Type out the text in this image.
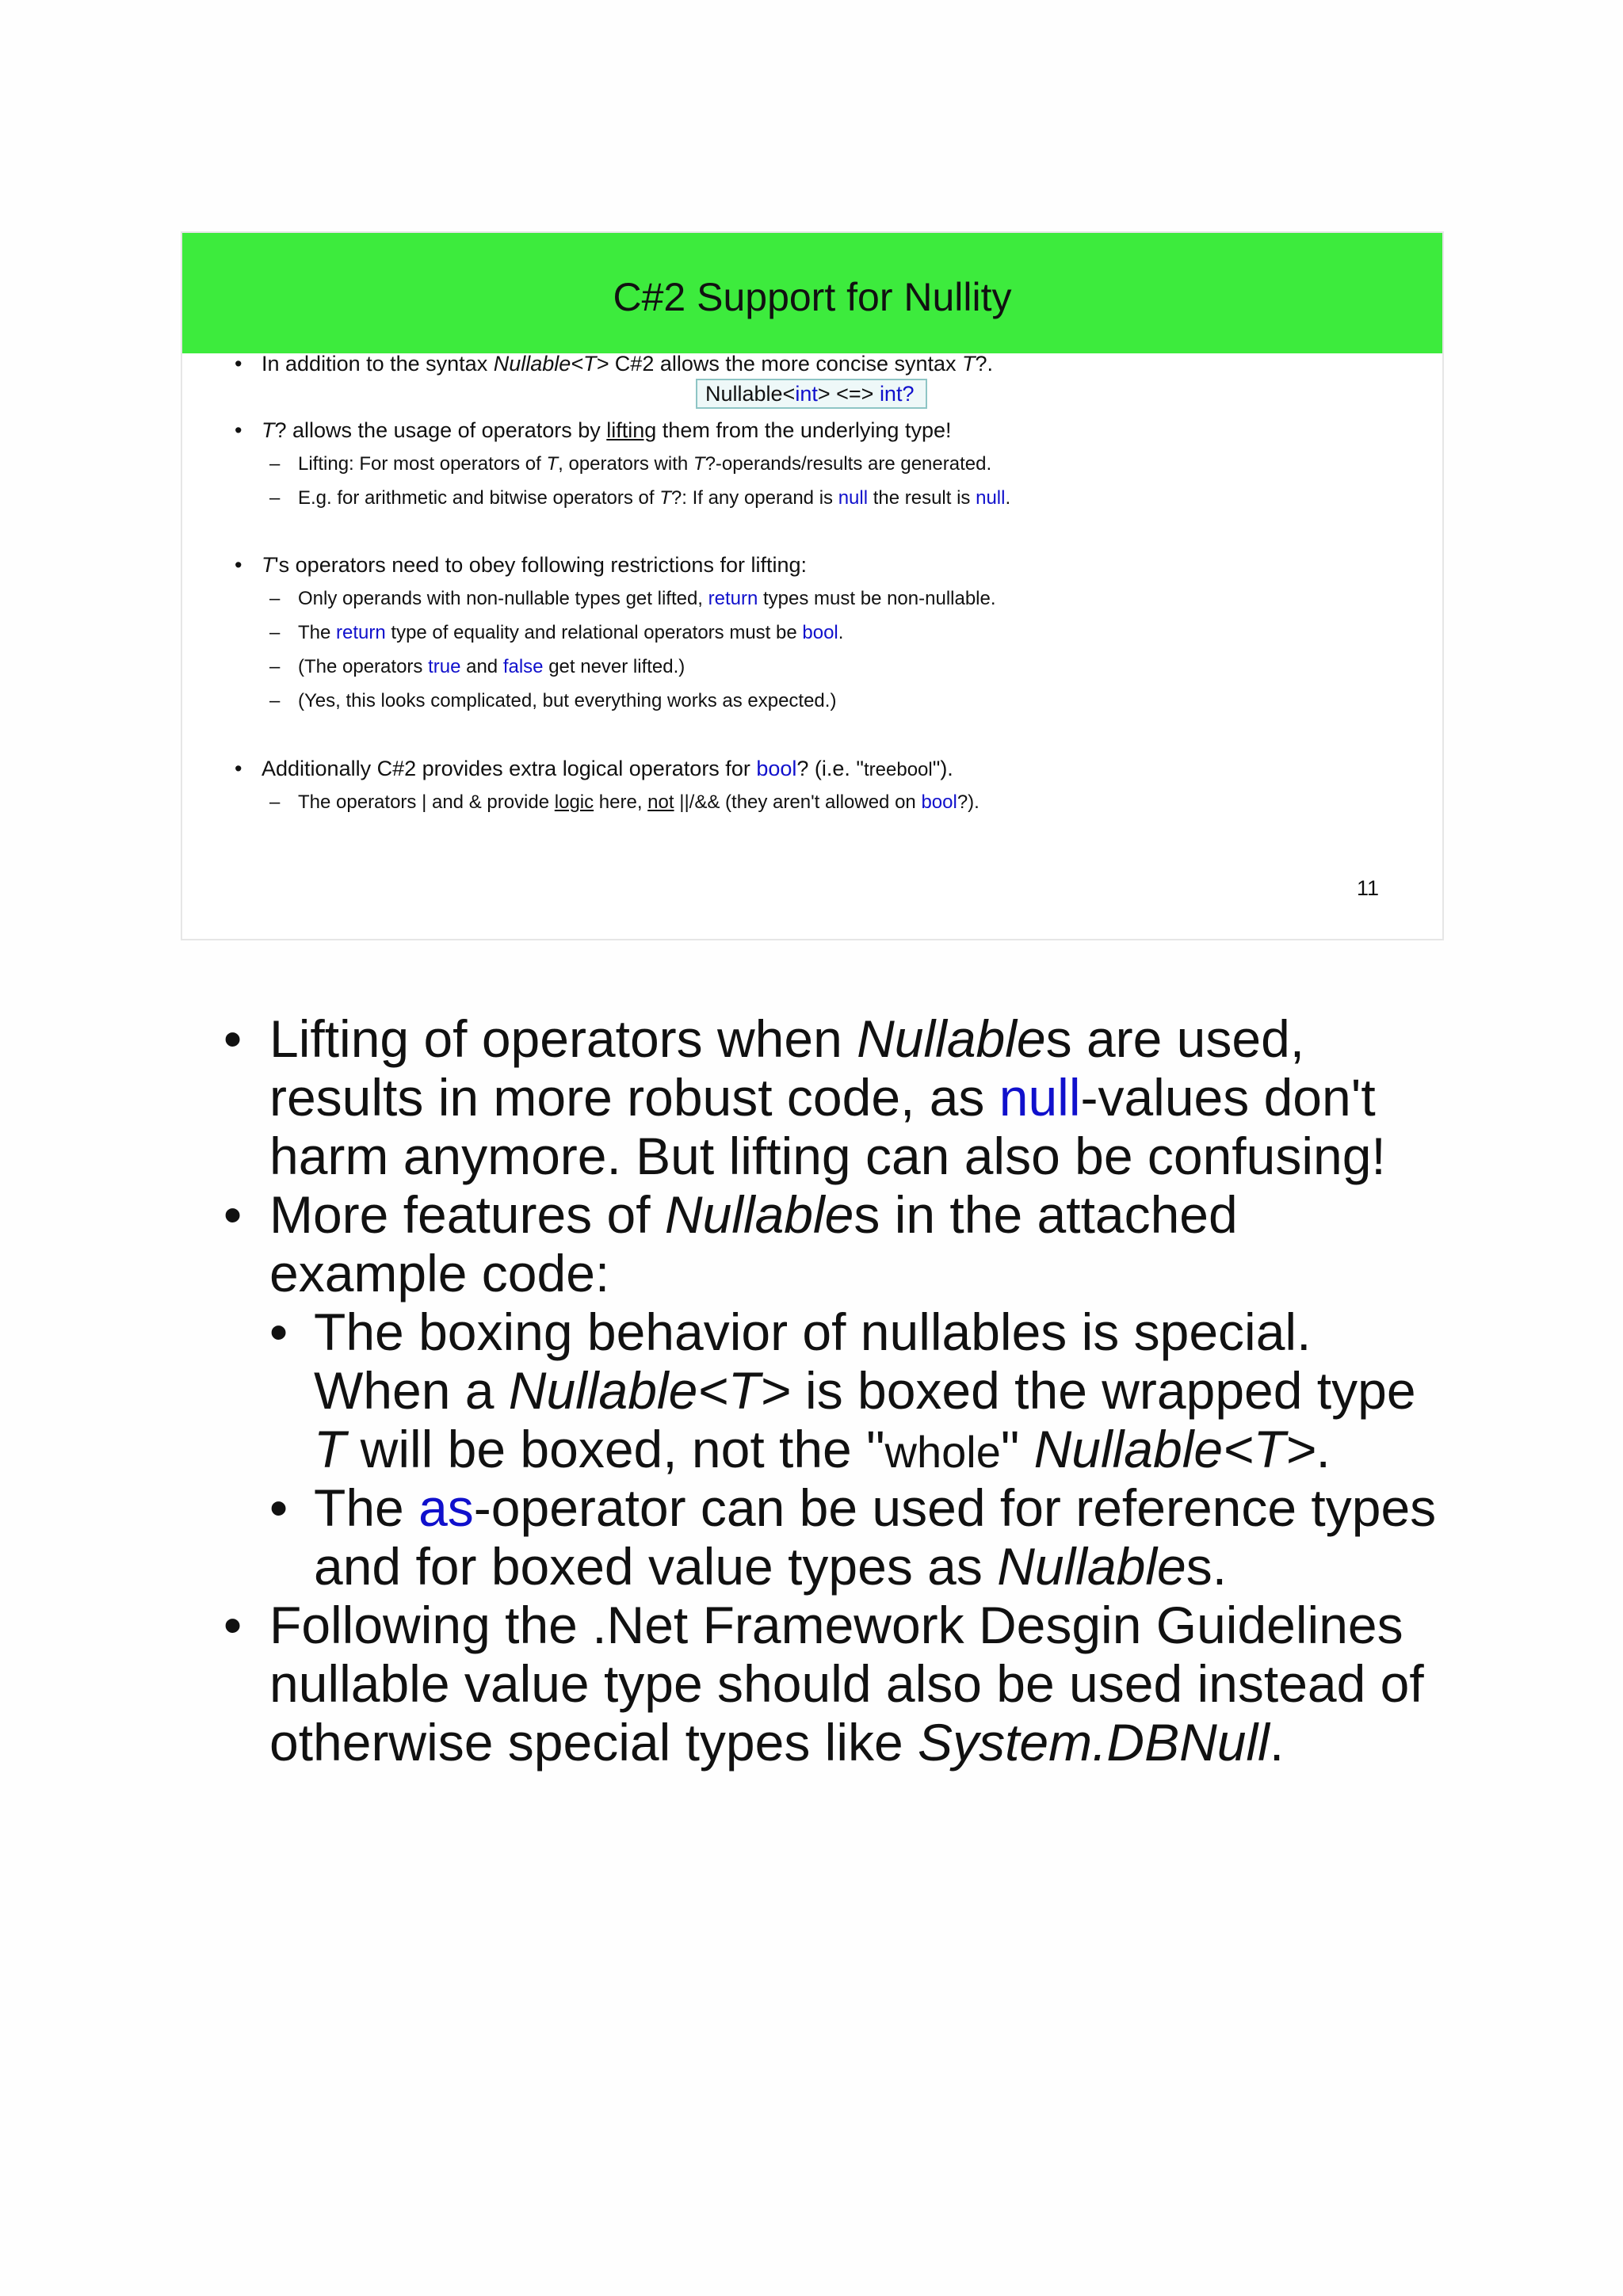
C#2 Support for Nullity
• In addition to the syntax Nullable<T> C#2 allows the more concise syntax T?.
Nullable<int> <=> int?
• T? allows the usage of operators by lifting them from the underlying type!
– Lifting: For most operators of T, operators with T?-operands/results are generated.
– E.g. for arithmetic and bitwise operators of T?: If any operand is null the result is null.
• T's operators need to obey following restrictions for lifting:
– Only operands with non-nullable types get lifted, return types must be non-nullable.
– The return type of equality and relational operators must be bool.
– (The operators true and false get never lifted.)
– (Yes, this looks complicated, but everything works as expected.)
• Additionally C#2 provides extra logical operators for bool? (i.e. "treebool").
– The operators | and & provide logic here, not ||/&& (they aren't allowed on bool?).
11
• Lifting of operators when Nullables are used,
results in more robust code, as null-values don't
harm anymore. But lifting can also be confusing!
• More features of Nullables in the attached
example code:
• The boxing behavior of nullables is special.
When a Nullable<T> is boxed the wrapped type
T will be boxed, not the "whole" Nullable<T>.
• The as-operator can be used for reference types
and for boxed value types as Nullables.
• Following the .Net Framework Desgin Guidelines
nullable value type should also be used instead of
otherwise special types like System.DBNull.
